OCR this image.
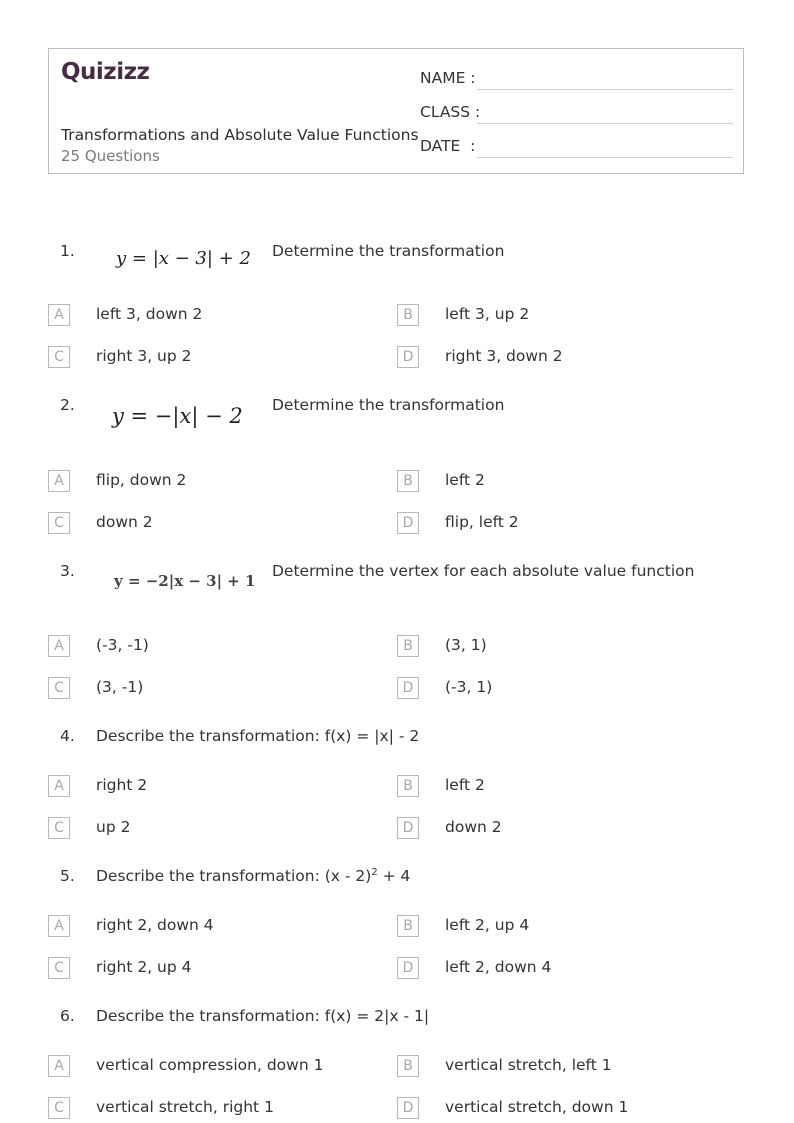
Quizizz
Transformations and Absolute Value Functions
25 Questions
NAME :
CLASS :
DATE  :
1. y = |x − 3| + 2 Determine the transformation
A	left 3, down 2	B	left 3, up 2
C	right 3, up 2	D	right 3, down 2
2. y = −|x| − 2 Determine the transformation
A	flip, down 2	B	left 2
C	down 2	D	flip, left 2
3.
y = −2|x − 3| + 1
Determine the vertex for each absolute value function
A	(-3, -1)	B	(3, 1)
C	(3, -1)	D	(-3, 1)
4. Describe the transformation: f(x) = |x| - 2
A	right 2	B	left 2
C	up 2	D	down 2
5. Describe the transformation: (x - 2)$^2$ + 4
A	right 2, down 4	B	left 2, up 4
C	right 2, up 4	D	left 2, down 4
6. Describe the transformation: f(x) = 2|x - 1|
A	vertical compression, down 1	B	vertical stretch, left 1
C	vertical stretch, right 1	D	vertical stretch, down 1
